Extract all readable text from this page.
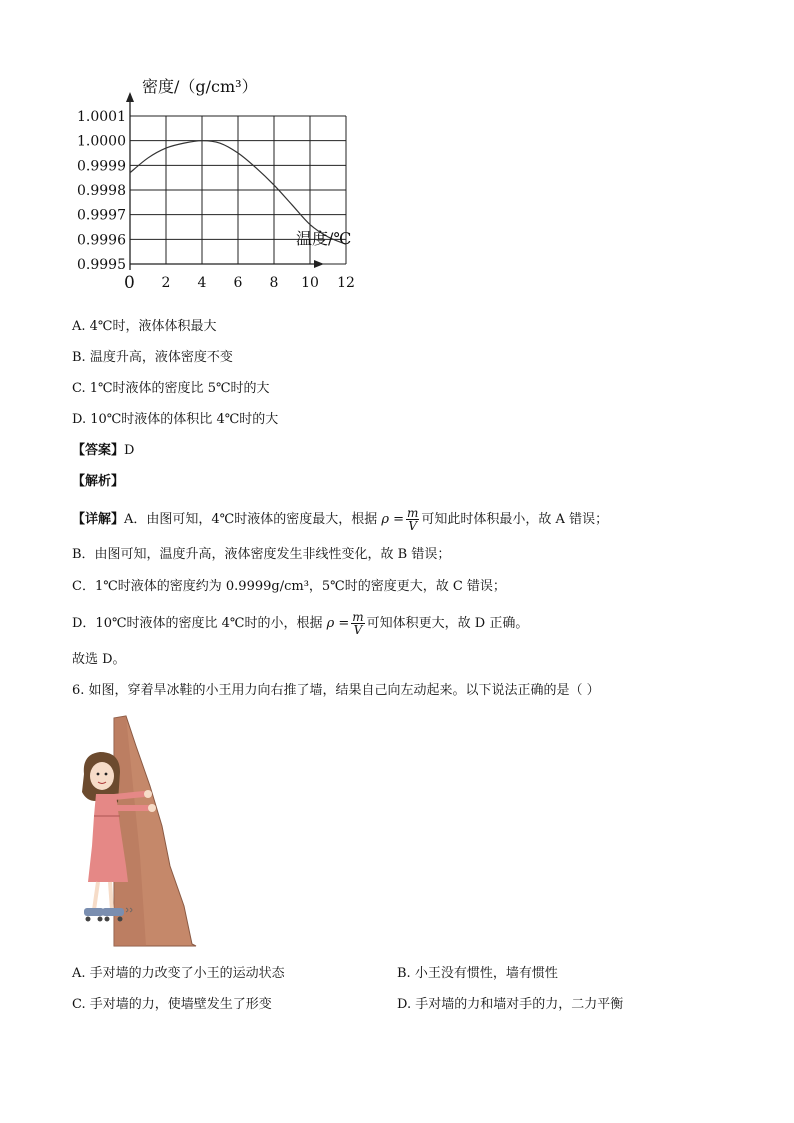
1.0001
1.0000
0.9999
0.9998
0.9997
0.9996
0.9995
2 4 6 8 10 12
密度/（g/cm³）
温度/℃
0
A. 4℃时，液体体积最大
B. 温度升高，液体密度不变
C. 1℃时液体的密度比 5℃时的大
D. 10℃时液体的体积比 4℃时的大
【答案】D
【解析】
【详解】A．由图可知，4℃时液体的密度最大，根据 $\rho = \frac{m}{V}$ 可知此时体积最小，故 A 错误；
B．由图可知，温度升高，液体密度发生非线性变化，故 B 错误；
C．1℃时液体的密度约为 0.9999g/cm³，5℃时的密度更大，故 C 错误；
D．10℃时液体的密度比 4℃时的小，根据 $\rho = \frac{m}{V}$ 可知体积更大，故 D 正确。
故选 D。
6. 如图，穿着旱冰鞋的小王用力向右推了墙，结果自己向左动起来。以下说法正确的是（ ）
A. 手对墙的力改变了小王的运动状态	B. 小王没有惯性，墙有惯性
C. 手对墙的力，使墙壁发生了形变	D. 手对墙的力和墙对手的力，二力平衡
